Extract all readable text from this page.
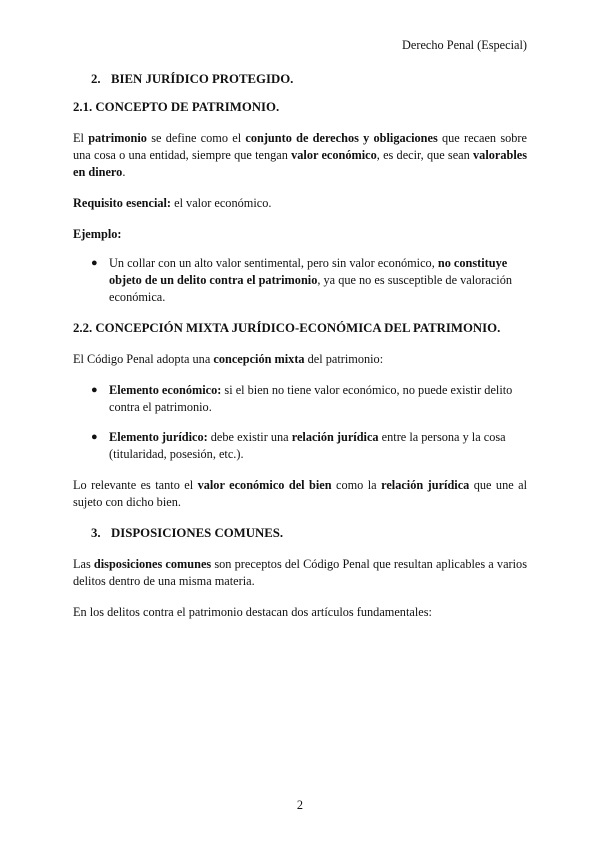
Derecho Penal (Especial)
2. BIEN JURÍDICO PROTEGIDO.
2.1. CONCEPTO DE PATRIMONIO.

El patrimonio se define como el conjunto de derechos y obligaciones que recaen sobre una cosa o una entidad, siempre que tengan valor económico, es decir, que sean valorables en dinero.

Requisito esencial: el valor económico.

Ejemplo:

● Un collar con un alto valor sentimental, pero sin valor económico, no constituye objeto de un delito contra el patrimonio, ya que no es susceptible de valoración económica.
2.2. CONCEPCIÓN MIXTA JURÍDICO-ECONÓMICA DEL PATRIMONIO.

El Código Penal adopta una concepción mixta del patrimonio:

● Elemento económico: si el bien no tiene valor económico, no puede existir delito contra el patrimonio.
● Elemento jurídico: debe existir una relación jurídica entre la persona y la cosa (titularidad, posesión, etc.).

Lo relevante es tanto el valor económico del bien como la relación jurídica que une al sujeto con dicho bien.

3. DISPOSICIONES COMUNES.

Las disposiciones comunes son preceptos del Código Penal que resultan aplicables a varios delitos dentro de una misma materia.

En los delitos contra el patrimonio destacan dos artículos fundamentales:

2
